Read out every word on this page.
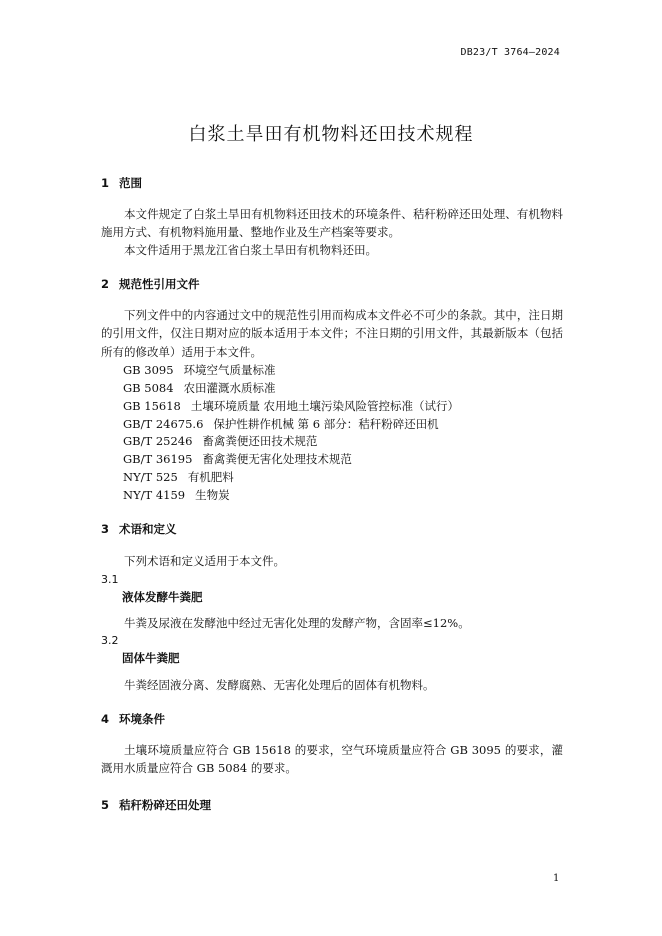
DB23/T 3764—2024
白浆土旱田有机物料还田技术规程
1 范围

本文件规定了白浆土旱田有机物料还田技术的环境条件、秸秆粉碎还田处理、有机物料施用方式、有机物料施用量、整地作业及生产档案等要求。

本文件适用于黑龙江省白浆土旱田有机物料还田。

2 规范性引用文件

下列文件中的内容通过文中的规范性引用而构成本文件必不可少的条款。其中，注日期的引用文件，仅注日期对应的版本适用于本文件；不注日期的引用文件，其最新版本（包括所有的修改单）适用于本文件。

GB 3095 环境空气质量标准
GB 5084 农田灌溉水质标准
GB 15618 土壤环境质量 农用地土壤污染风险管控标准（试行）
GB/T 24675.6 保护性耕作机械 第 6 部分：秸秆粉碎还田机
GB/T 25246 畜禽粪便还田技术规范
GB/T 36195 畜禽粪便无害化处理技术规范
NY/T 525 有机肥料
NY/T 4159 生物炭
3 术语和定义

下列术语和定义适用于本文件。

3.1
液体发酵牛粪肥

牛粪及尿液在发酵池中经过无害化处理的发酵产物，含固率≤12%。

3.2
固体牛粪肥

牛粪经固液分离、发酵腐熟、无害化处理后的固体有机物料。

4 环境条件

土壤环境质量应符合 GB 15618 的要求，空气环境质量应符合 GB 3095 的要求，灌溉用水质量应符合 GB 5084 的要求。

5 秸秆粉碎还田处理
1
